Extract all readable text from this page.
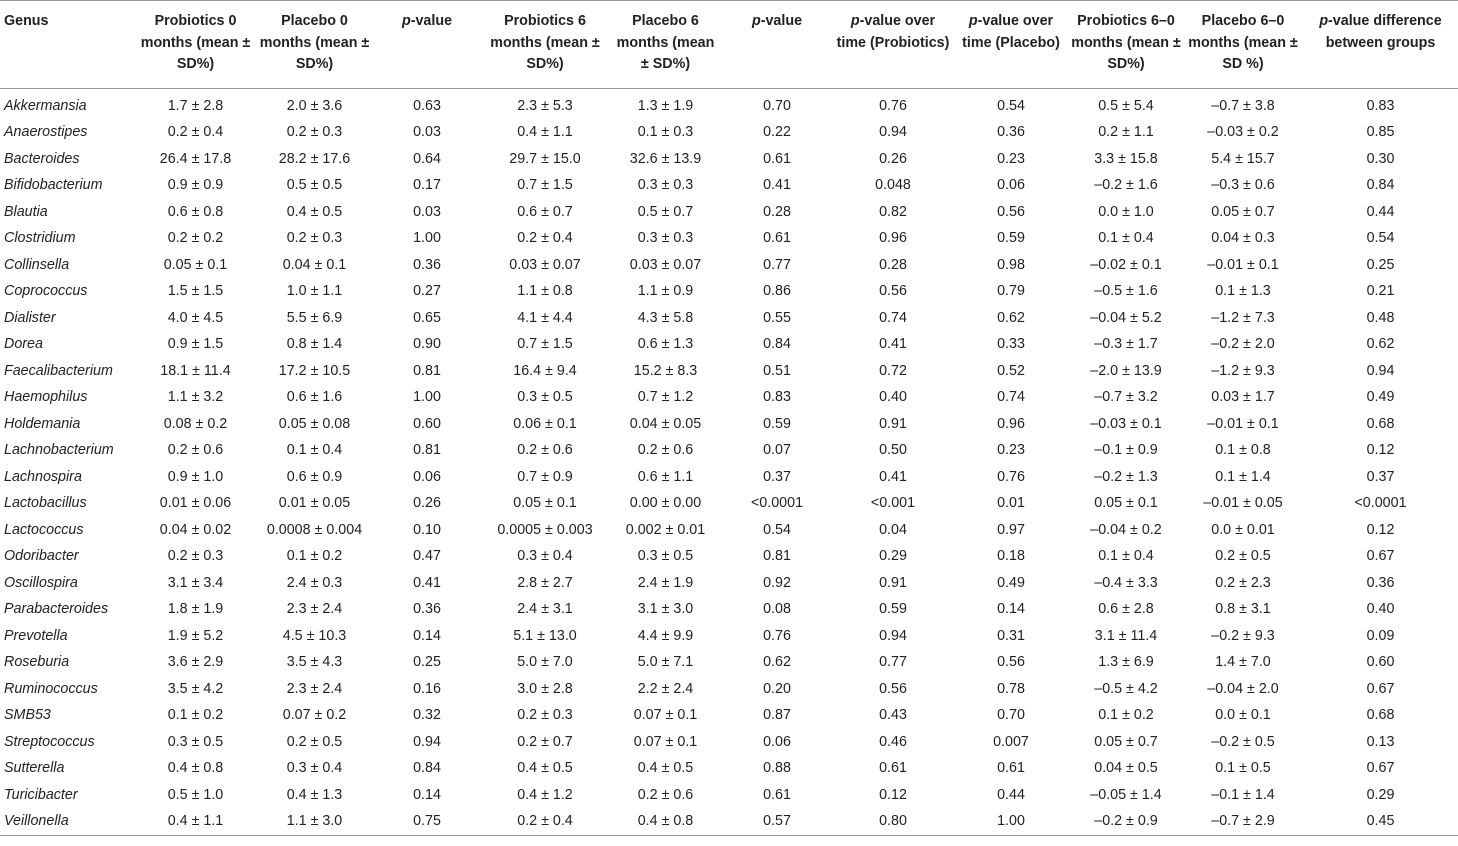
Genus	Probiotics 0 months (mean ± SD%)	Placebo 0 months (mean ± SD%)	p-value	Probiotics 6 months (mean ± SD%)	Placebo 6 months (mean ± SD%)	p-value	p-value over time (Probiotics)	p-value over time (Placebo)	Probiotics 6–0 months (mean ± SD%)	Placebo 6–0 months (mean ± SD %)	p-value difference between groups
Akkermansia	1.7 ± 2.8	2.0 ± 3.6	0.63	2.3 ± 5.3	1.3 ± 1.9	0.70	0.76	0.54	0.5 ± 5.4	–0.7 ± 3.8	0.83
Anaerostipes	0.2 ± 0.4	0.2 ± 0.3	0.03	0.4 ± 1.1	0.1 ± 0.3	0.22	0.94	0.36	0.2 ± 1.1	–0.03 ± 0.2	0.85
Bacteroides	26.4 ± 17.8	28.2 ± 17.6	0.64	29.7 ± 15.0	32.6 ± 13.9	0.61	0.26	0.23	3.3 ± 15.8	5.4 ± 15.7	0.30
Bifidobacterium	0.9 ± 0.9	0.5 ± 0.5	0.17	0.7 ± 1.5	0.3 ± 0.3	0.41	0.048	0.06	–0.2 ± 1.6	–0.3 ± 0.6	0.84
Blautia	0.6 ± 0.8	0.4 ± 0.5	0.03	0.6 ± 0.7	0.5 ± 0.7	0.28	0.82	0.56	0.0 ± 1.0	0.05 ± 0.7	0.44
Clostridium	0.2 ± 0.2	0.2 ± 0.3	1.00	0.2 ± 0.4	0.3 ± 0.3	0.61	0.96	0.59	0.1 ± 0.4	0.04 ± 0.3	0.54
Collinsella	0.05 ± 0.1	0.04 ± 0.1	0.36	0.03 ± 0.07	0.03 ± 0.07	0.77	0.28	0.98	–0.02 ± 0.1	–0.01 ± 0.1	0.25
Coprococcus	1.5 ± 1.5	1.0 ± 1.1	0.27	1.1 ± 0.8	1.1 ± 0.9	0.86	0.56	0.79	–0.5 ± 1.6	0.1 ± 1.3	0.21
Dialister	4.0 ± 4.5	5.5 ± 6.9	0.65	4.1 ± 4.4	4.3 ± 5.8	0.55	0.74	0.62	–0.04 ± 5.2	–1.2 ± 7.3	0.48
Dorea	0.9 ± 1.5	0.8 ± 1.4	0.90	0.7 ± 1.5	0.6 ± 1.3	0.84	0.41	0.33	–0.3 ± 1.7	–0.2 ± 2.0	0.62
Faecalibacterium	18.1 ± 11.4	17.2 ± 10.5	0.81	16.4 ± 9.4	15.2 ± 8.3	0.51	0.72	0.52	–2.0 ± 13.9	–1.2 ± 9.3	0.94
Haemophilus	1.1 ± 3.2	0.6 ± 1.6	1.00	0.3 ± 0.5	0.7 ± 1.2	0.83	0.40	0.74	–0.7 ± 3.2	0.03 ± 1.7	0.49
Holdemania	0.08 ± 0.2	0.05 ± 0.08	0.60	0.06 ± 0.1	0.04 ± 0.05	0.59	0.91	0.96	–0.03 ± 0.1	–0.01 ± 0.1	0.68
Lachnobacterium	0.2 ± 0.6	0.1 ± 0.4	0.81	0.2 ± 0.6	0.2 ± 0.6	0.07	0.50	0.23	–0.1 ± 0.9	0.1 ± 0.8	0.12
Lachnospira	0.9 ± 1.0	0.6 ± 0.9	0.06	0.7 ± 0.9	0.6 ± 1.1	0.37	0.41	0.76	–0.2 ± 1.3	0.1 ± 1.4	0.37
Lactobacillus	0.01 ± 0.06	0.01 ± 0.05	0.26	0.05 ± 0.1	0.00 ± 0.00	<0.0001	<0.001	0.01	0.05 ± 0.1	–0.01 ± 0.05	<0.0001
Lactococcus	0.04 ± 0.02	0.0008 ± 0.004	0.10	0.0005 ± 0.003	0.002 ± 0.01	0.54	0.04	0.97	–0.04 ± 0.2	0.0 ± 0.01	0.12
Odoribacter	0.2 ± 0.3	0.1 ± 0.2	0.47	0.3 ± 0.4	0.3 ± 0.5	0.81	0.29	0.18	0.1 ± 0.4	0.2 ± 0.5	0.67
Oscillospira	3.1 ± 3.4	2.4 ± 0.3	0.41	2.8 ± 2.7	2.4 ± 1.9	0.92	0.91	0.49	–0.4 ± 3.3	0.2 ± 2.3	0.36
Parabacteroides	1.8 ± 1.9	2.3 ± 2.4	0.36	2.4 ± 3.1	3.1 ± 3.0	0.08	0.59	0.14	0.6 ± 2.8	0.8 ± 3.1	0.40
Prevotella	1.9 ± 5.2	4.5 ± 10.3	0.14	5.1 ± 13.0	4.4 ± 9.9	0.76	0.94	0.31	3.1 ± 11.4	–0.2 ± 9.3	0.09
Roseburia	3.6 ± 2.9	3.5 ± 4.3	0.25	5.0 ± 7.0	5.0 ± 7.1	0.62	0.77	0.56	1.3 ± 6.9	1.4 ± 7.0	0.60
Ruminococcus	3.5 ± 4.2	2.3 ± 2.4	0.16	3.0 ± 2.8	2.2 ± 2.4	0.20	0.56	0.78	–0.5 ± 4.2	–0.04 ± 2.0	0.67
SMB53	0.1 ± 0.2	0.07 ± 0.2	0.32	0.2 ± 0.3	0.07 ± 0.1	0.87	0.43	0.70	0.1 ± 0.2	0.0 ± 0.1	0.68
Streptococcus	0.3 ± 0.5	0.2 ± 0.5	0.94	0.2 ± 0.7	0.07 ± 0.1	0.06	0.46	0.007	0.05 ± 0.7	–0.2 ± 0.5	0.13
Sutterella	0.4 ± 0.8	0.3 ± 0.4	0.84	0.4 ± 0.5	0.4 ± 0.5	0.88	0.61	0.61	0.04 ± 0.5	0.1 ± 0.5	0.67
Turicibacter	0.5 ± 1.0	0.4 ± 1.3	0.14	0.4 ± 1.2	0.2 ± 0.6	0.61	0.12	0.44	–0.05 ± 1.4	–0.1 ± 1.4	0.29
Veillonella	0.4 ± 1.1	1.1 ± 3.0	0.75	0.2 ± 0.4	0.4 ± 0.8	0.57	0.80	1.00	–0.2 ± 0.9	–0.7 ± 2.9	0.45
